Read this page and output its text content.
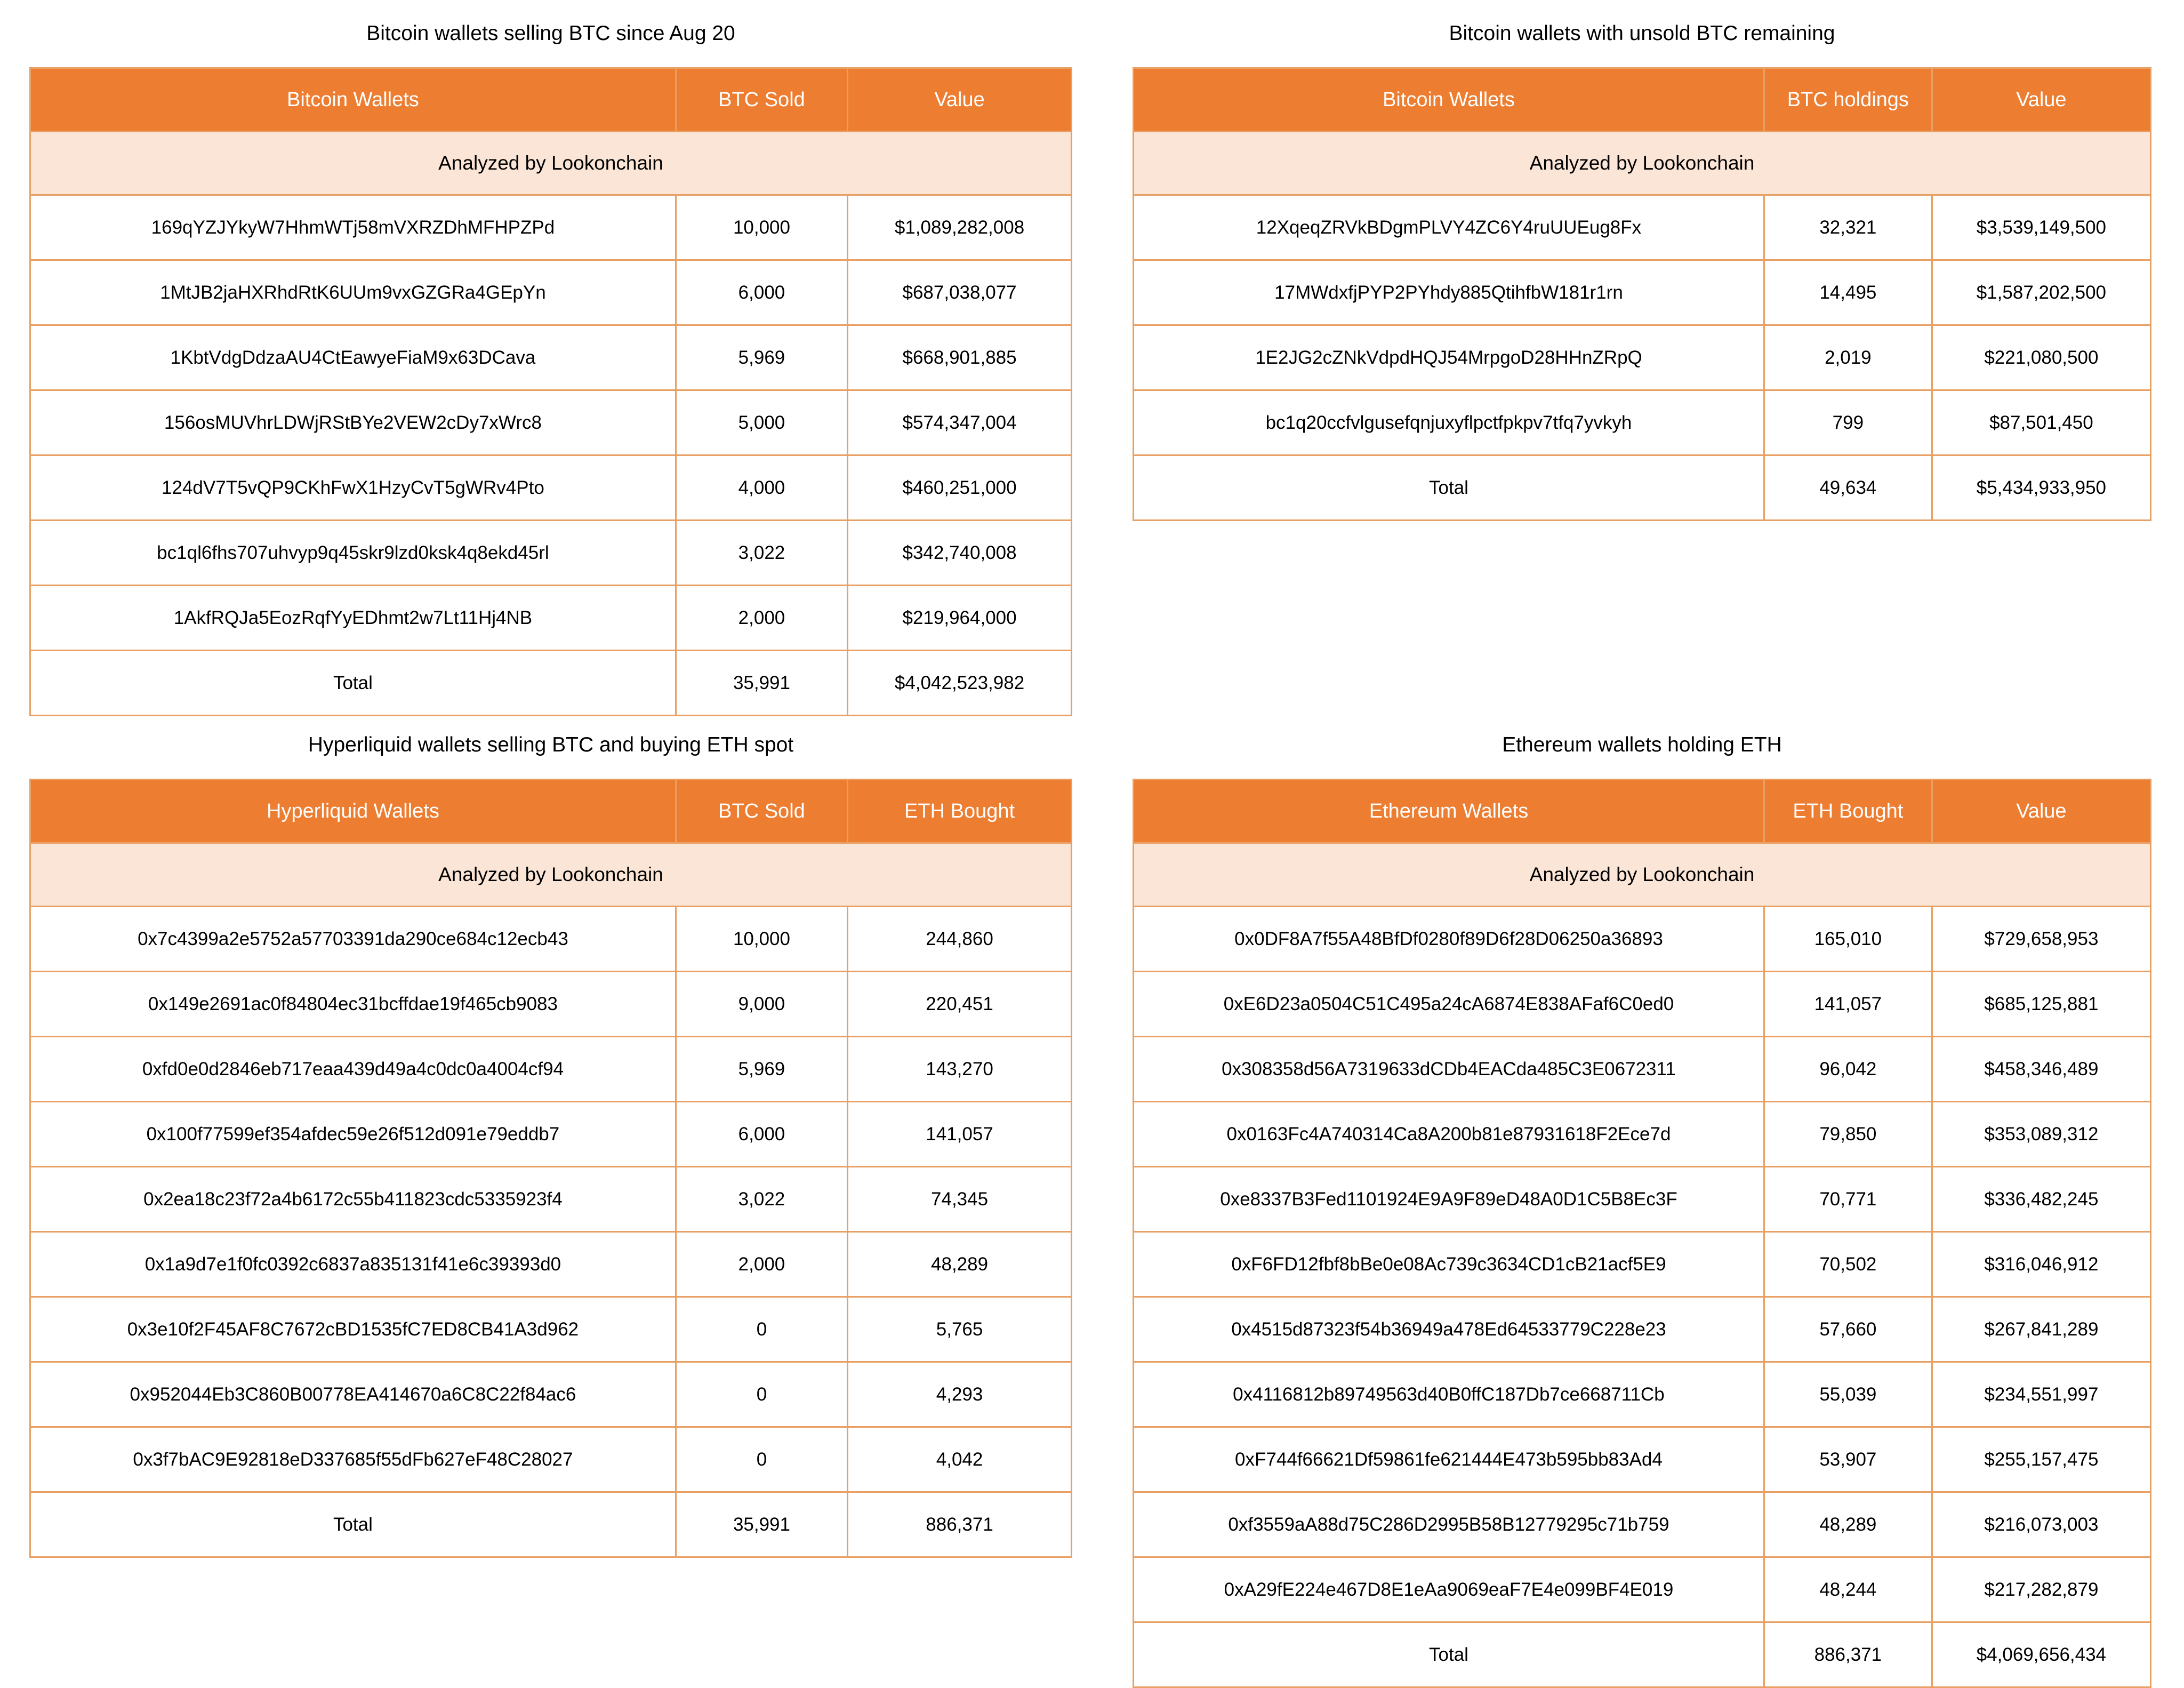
Bitcoin wallets selling BTC since Aug 20
Bitcoin Wallets	BTC Sold	Value
Analyzed by Lookonchain		
169qYZJYkyW7HhmWTj58mVXRZDhMFHPZPd	10,000	$1,089,282,008
1MtJB2jaHXRhdRtK6UUm9vxGZGRa4GEpYn	6,000	$687,038,077
1KbtVdgDdzaAU4CtEawyeFiaM9x63DCava	5,969	$668,901,885
156osMUVhrLDWjRStBYe2VEW2cDy7xWrc8	5,000	$574,347,004
124dV7T5vQP9CKhFwX1HzyCvT5gWRv4Pto	4,000	$460,251,000
bc1ql6fhs707uhvyp9q45skr9lzd0ksk4q8ekd45rl	3,022	$342,740,008
1AkfRQJa5EozRqfYyEDhmt2w7Lt11Hj4NB	2,000	$219,964,000
Total	35,991	$4,042,523,982
Bitcoin wallets with unsold BTC remaining
Bitcoin Wallets	BTC holdings	Value
Analyzed by Lookonchain		
12XqeqZRVkBDgmPLVY4ZC6Y4ruUUEug8Fx	32,321	$3,539,149,500
17MWdxfjPYP2PYhdy885QtihfbW181r1rn	14,495	$1,587,202,500
1E2JG2cZNkVdpdHQJ54MrpgoD28HHnZRpQ	2,019	$221,080,500
bc1q20ccfvlgusefqnjuxyflpctfpkpv7tfq7yvkyh	799	$87,501,450
Total	49,634	$5,434,933,950
Hyperliquid wallets selling BTC and buying ETH spot
Hyperliquid Wallets	BTC Sold	ETH Bought
Analyzed by Lookonchain		
0x7c4399a2e5752a57703391da290ce684c12ecb43	10,000	244,860
0x149e2691ac0f84804ec31bcffdae19f465cb9083	9,000	220,451
0xfd0e0d2846eb717eaa439d49a4c0dc0a4004cf94	5,969	143,270
0x100f77599ef354afdec59e26f512d091e79eddb7	6,000	141,057
0x2ea18c23f72a4b6172c55b411823cdc5335923f4	3,022	74,345
0x1a9d7e1f0fc0392c6837a835131f41e6c39393d0	2,000	48,289
0x3e10f2F45AF8C7672cBD1535fC7ED8CB41A3d962	0	5,765
0x952044Eb3C860B00778EA414670a6C8C22f84ac6	0	4,293
0x3f7bAC9E92818eD337685f55dFb627eF48C28027	0	4,042
Total	35,991	886,371
Ethereum wallets holding ETH
Ethereum Wallets	ETH Bought	Value
Analyzed by Lookonchain		
0x0DF8A7f55A48BfDf0280f89D6f28D06250a36893	165,010	$729,658,953
0xE6D23a0504C51C495a24cA6874E838AFaf6C0ed0	141,057	$685,125,881
0x308358d56A7319633dCDb4EACda485C3E0672311	96,042	$458,346,489
0x0163Fc4A740314Ca8A200b81e87931618F2Ece7d	79,850	$353,089,312
0xe8337B3Fed1101924E9A9F89eD48A0D1C5B8Ec3F	70,771	$336,482,245
0xF6FD12fbf8bBe0e08Ac739c3634CD1cB21acf5E9	70,502	$316,046,912
0x4515d87323f54b36949a478Ed64533779C228e23	57,660	$267,841,289
0x4116812b89749563d40B0ffC187Db7ce668711Cb	55,039	$234,551,997
0xF744f66621Df59861fe621444E473b595bb83Ad4	53,907	$255,157,475
0xf3559aA88d75C286D2995B58B12779295c71b759	48,289	$216,073,003
0xA29fE224e467D8E1eAa9069eaF7E4e099BF4E019	48,244	$217,282,879
Total	886,371	$4,069,656,434
